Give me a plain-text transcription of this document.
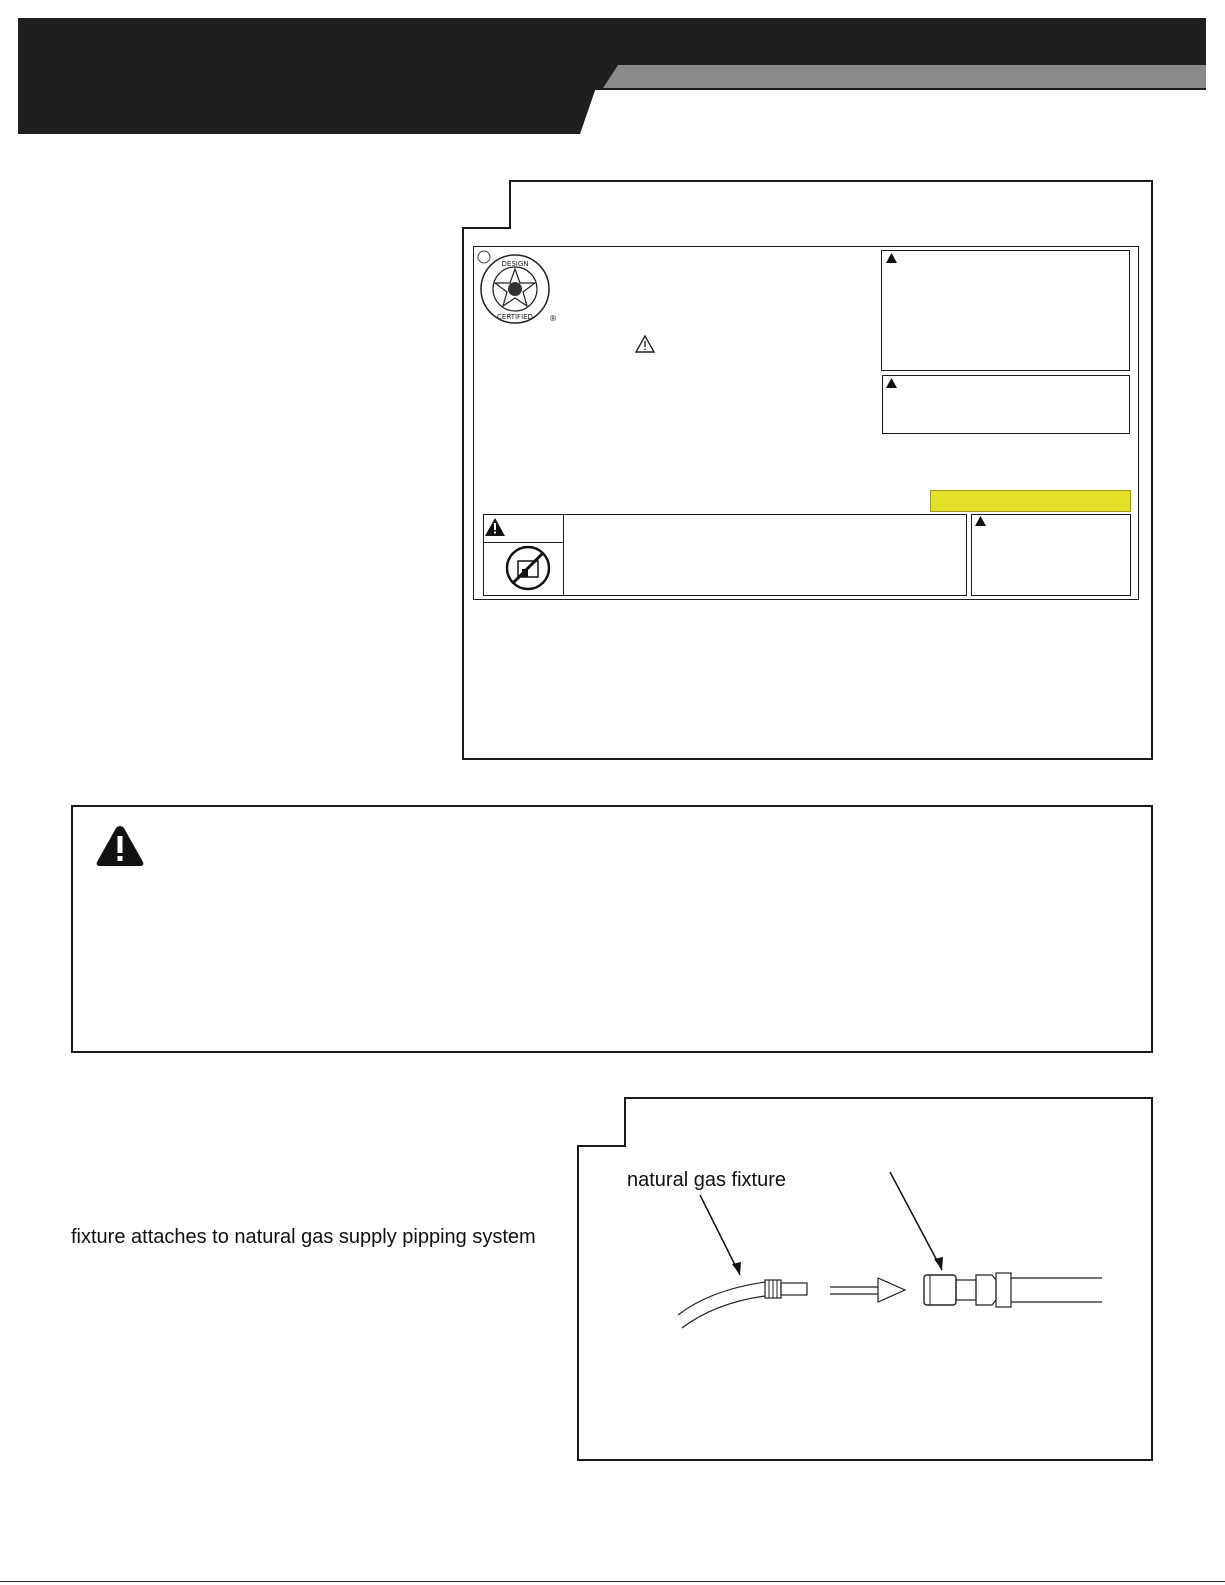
DESIGN
CERTIFIED ®
fixture attaches to natural gas supply pipping system
natural gas fixture
